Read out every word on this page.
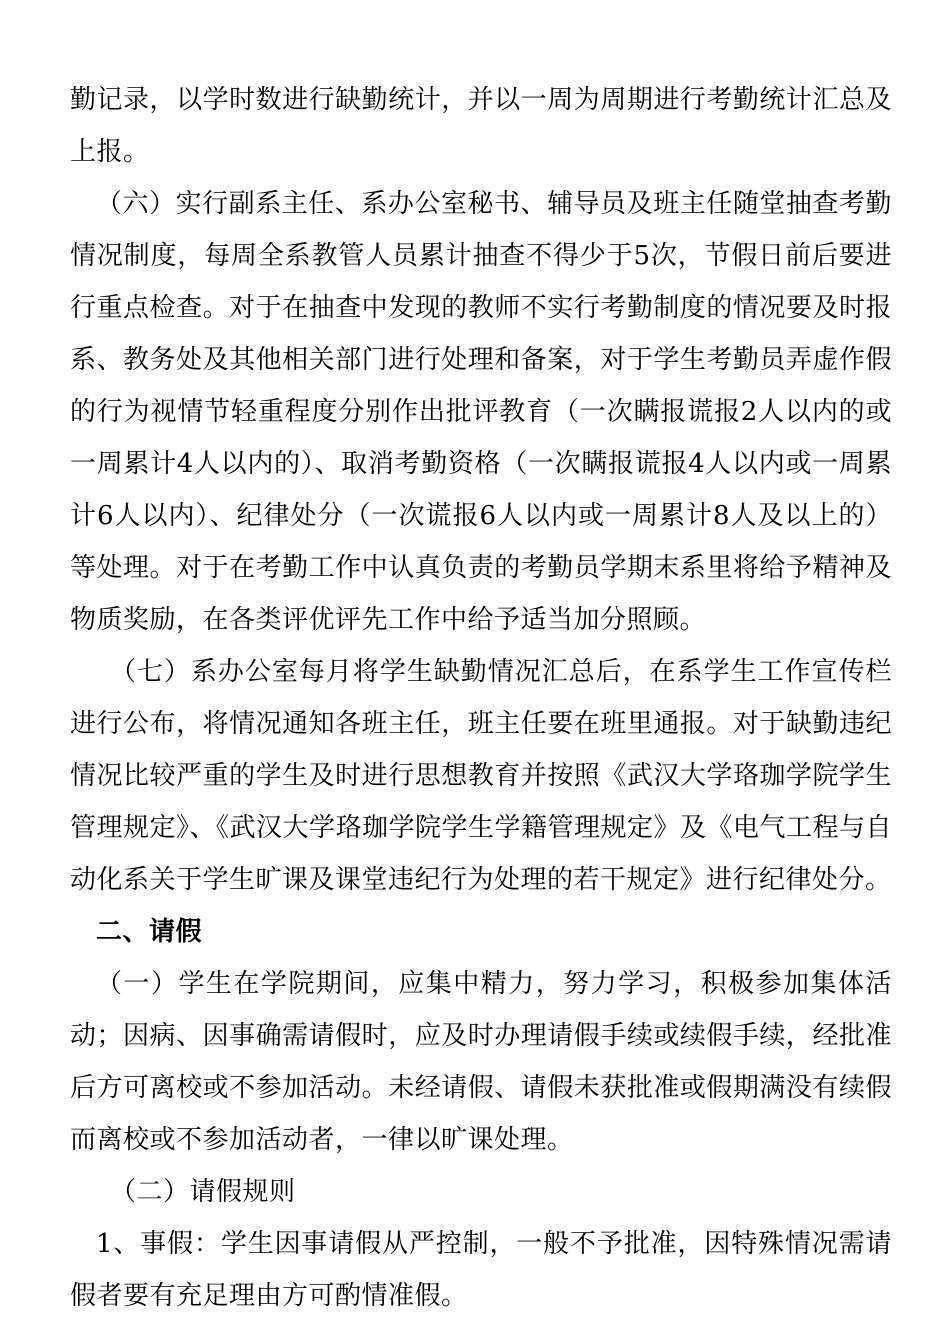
勤记录，以学时数进行缺勤统计，并以一周为周期进行考勤统计汇总及上报。

（六）实行副系主任、系办公室秘书、辅导员及班主任随堂抽查考勤情况制度，每周全系教管人员累计抽查不得少于5次，节假日前后要进行重点检查。对于在抽查中发现的教师不实行考勤制度的情况要及时报系、教务处及其他相关部门进行处理和备案，对于学生考勤员弄虚作假的行为视情节轻重程度分别作出批评教育（一次瞒报谎报2人以内的或一周累计4人以内的）、取消考勤资格（一次瞒报谎报4人以内或一周累计6人以内）、纪律处分（一次谎报6人以内或一周累计8人及以上的）等处理。对于在考勤工作中认真负责的考勤员学期末系里将给予精神及物质奖励，在各类评优评先工作中给予适当加分照顾。

（七）系办公室每月将学生缺勤情况汇总后，在系学生工作宣传栏进行公布，将情况通知各班主任，班主任要在班里通报。对于缺勤违纪情况比较严重的学生及时进行思想教育并按照《武汉大学珞珈学院学生管理规定》、《武汉大学珞珈学院学生学籍管理规定》及《电气工程与自动化系关于学生旷课及课堂违纪行为处理的若干规定》进行纪律处分。

二、请假

（一）学生在学院期间，应集中精力，努力学习，积极参加集体活动；因病、因事确需请假时，应及时办理请假手续或续假手续，经批准后方可离校或不参加活动。未经请假、请假未获批准或假期满没有续假而离校或不参加活动者，一律以旷课处理。

（二）请假规则

1、事假：学生因事请假从严控制，一般不予批准，因特殊情况需请假者要有充足理由方可酌情准假。
